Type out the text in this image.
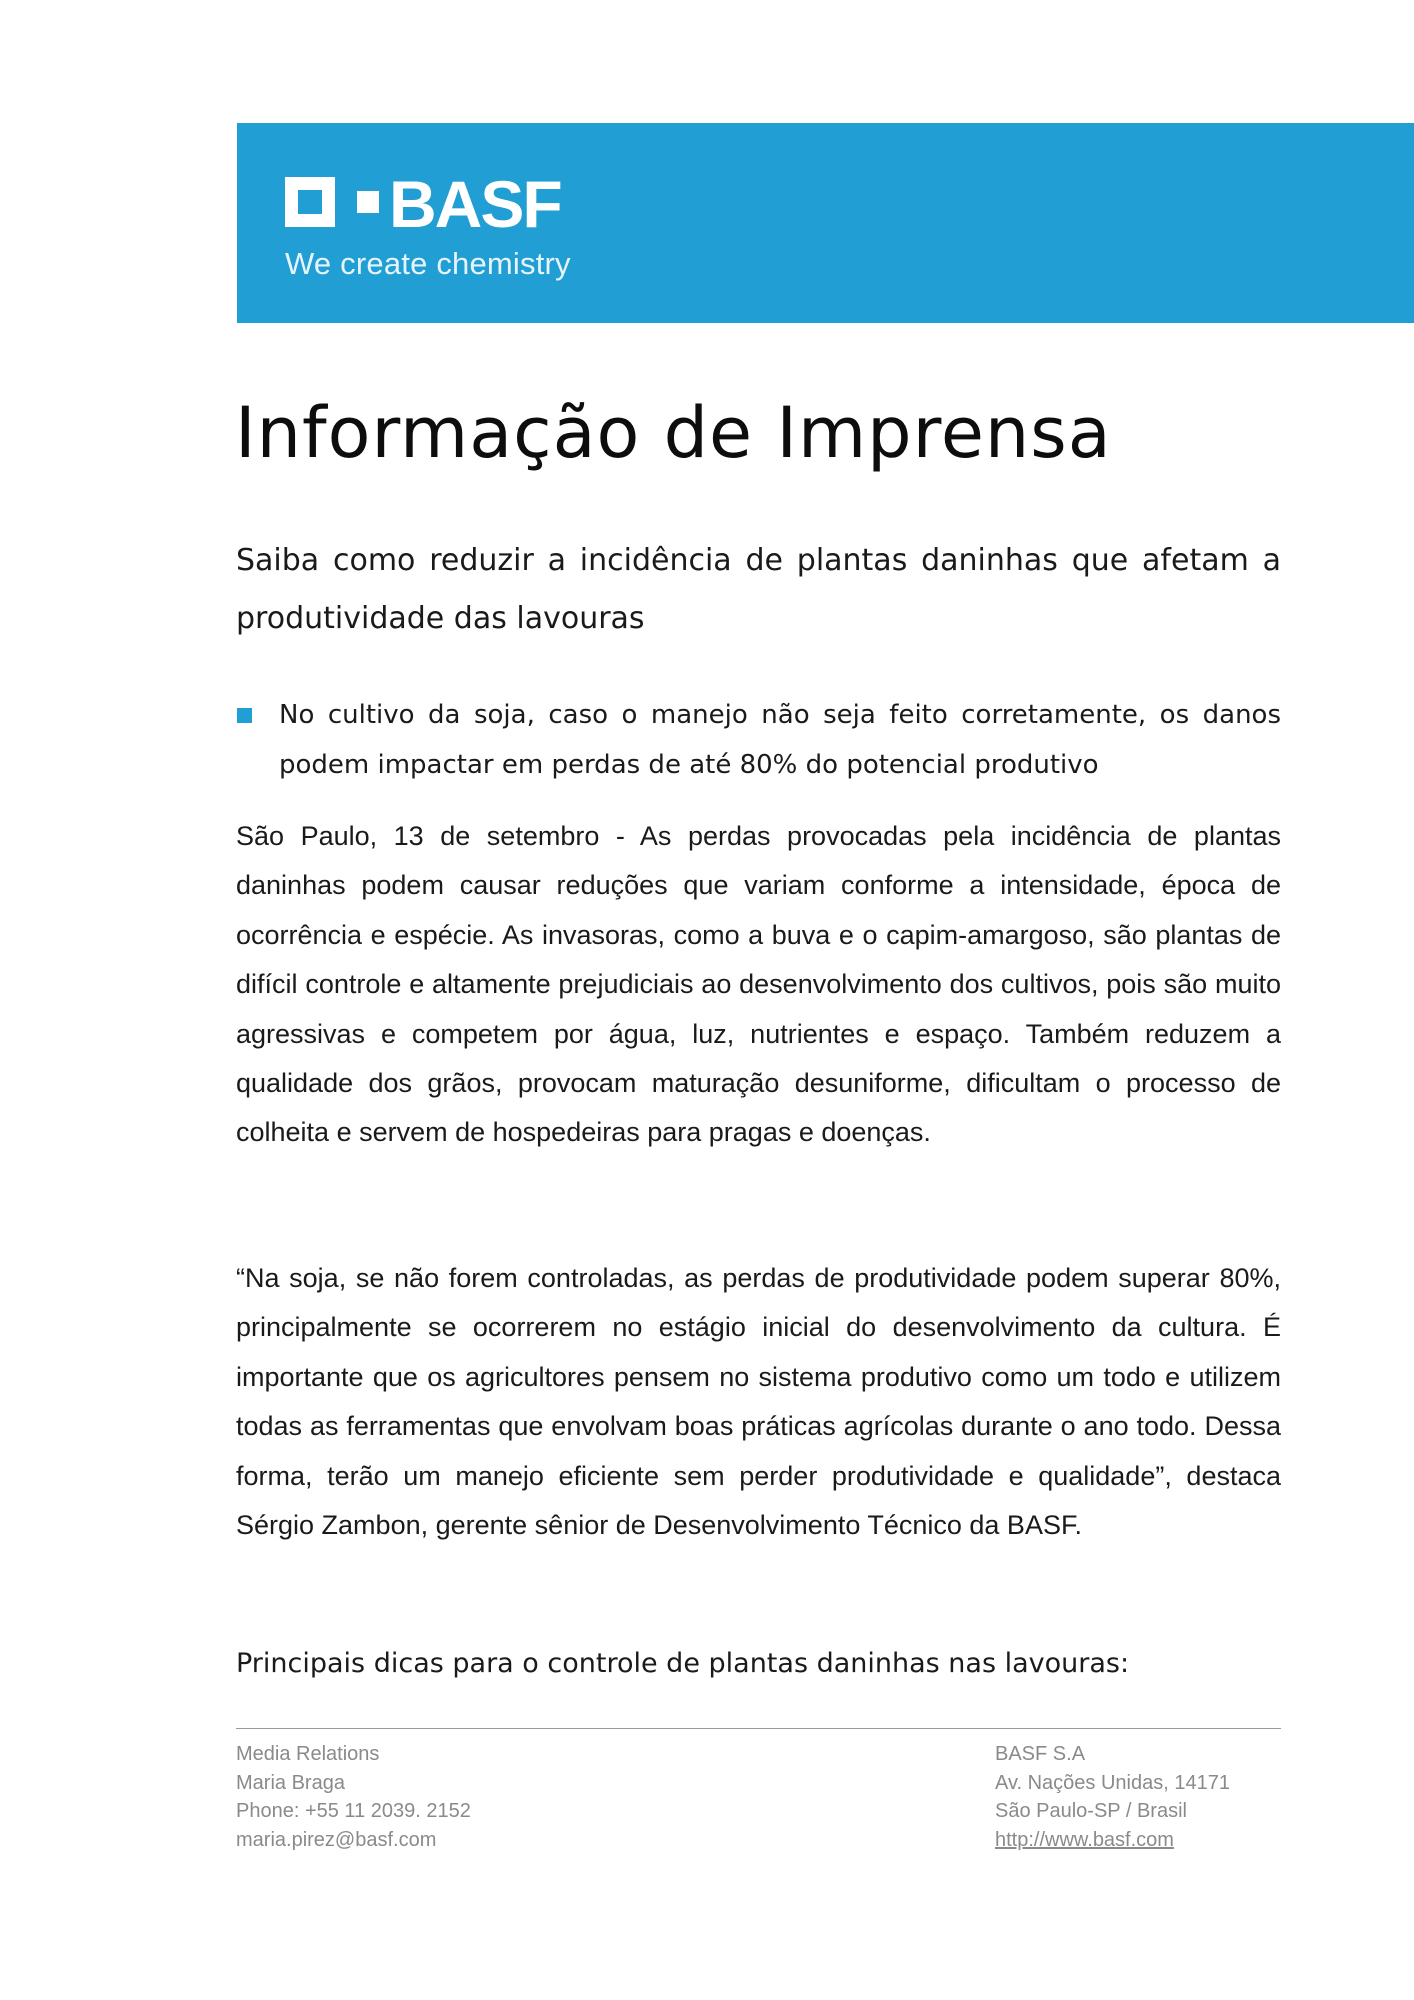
BASF
We create chemistry
Informação de Imprensa
Saiba como reduzir a incidência de plantas daninhas que afetam a produtividade das lavouras
No cultivo da soja, caso o manejo não seja feito corretamente, os danos podem impactar em perdas de até 80% do potencial produtivo

São Paulo, 13 de setembro - As perdas provocadas pela incidência de plantas daninhas podem causar reduções que variam conforme a intensidade, época de ocorrência e espécie. As invasoras, como a buva e o capim-amargoso, são plantas de difícil controle e altamente prejudiciais ao desenvolvimento dos cultivos, pois são muito agressivas e competem por água, luz, nutrientes e espaço. Também reduzem a qualidade dos grãos, provocam maturação desuniforme, dificultam o processo de colheita e servem de hospedeiras para pragas e doenças.

“Na soja, se não forem controladas, as perdas de produtividade podem superar 80%, principalmente se ocorrerem no estágio inicial do desenvolvimento da cultura. É importante que os agricultores pensem no sistema produtivo como um todo e utilizem todas as ferramentas que envolvam boas práticas agrícolas durante o ano todo. Dessa forma, terão um manejo eficiente sem perder produtividade e qualidade”, destaca Sérgio Zambon, gerente sênior de Desenvolvimento Técnico da BASF.

Principais dicas para o controle de plantas daninhas nas lavouras:
Media Relations
Maria Braga
Phone: +55 11 2039. 2152
maria.pirez@basf.com
BASF S.A
Av. Nações Unidas, 14171
São Paulo-SP / Brasil
http://www.basf.com
